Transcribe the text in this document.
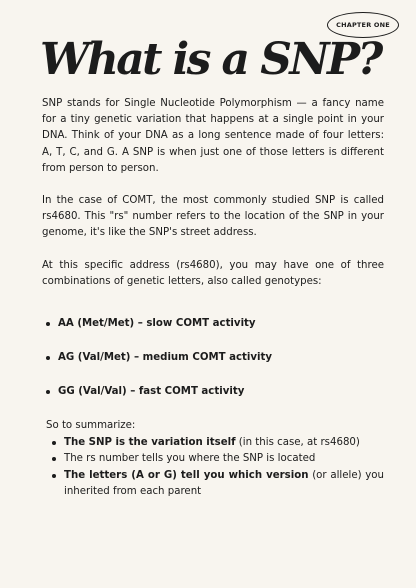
CHAPTER ONE
What is a SNP?

SNP stands for Single Nucleotide Polymorphism — a fancy name for a tiny genetic variation that happens at a single point in your DNA. Think of your DNA as a long sentence made of four letters: A, T, C, and G. A SNP is when just one of those letters is different from person to person.

In the case of COMT, the most commonly studied SNP is called rs4680. This "rs" number refers to the location of the SNP in your genome, it's like the SNP's street address.

At this specific address (rs4680), you may have one of three combinations of genetic letters, also called genotypes:

AA (Met/Met) – slow COMT activity
AG (Val/Met) – medium COMT activity
GG (Val/Val) – fast COMT activity

So to summarize:

The SNP is the variation itself (in this case, at rs4680)
The rs number tells you where the SNP is located
The letters (A or G) tell you which version (or allele) you inherited from each parent
